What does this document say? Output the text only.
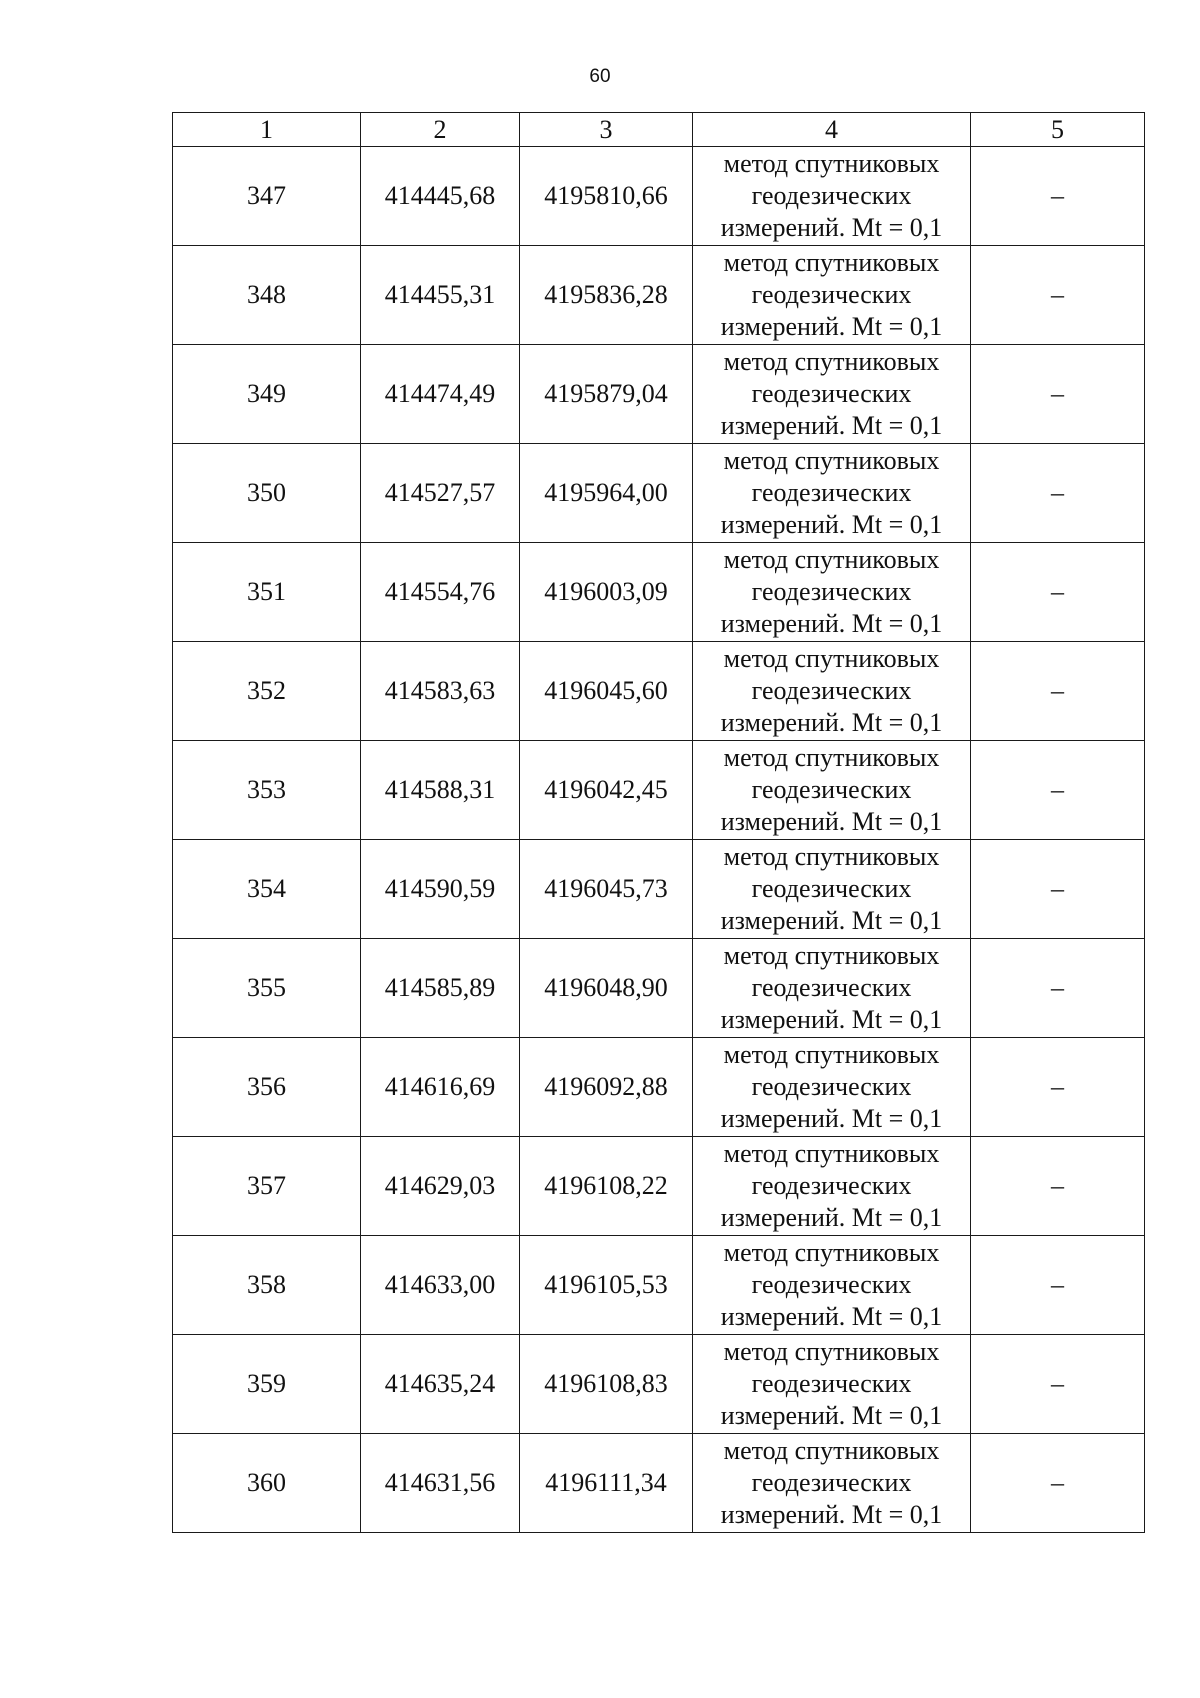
60
1	2	3	4	5
347	414445,68	4195810,66	метод спутниковых
геодезических
измерений. Mt = 0,1	–
348	414455,31	4195836,28	метод спутниковых
геодезических
измерений. Mt = 0,1	–
349	414474,49	4195879,04	метод спутниковых
геодезических
измерений. Mt = 0,1	–
350	414527,57	4195964,00	метод спутниковых
геодезических
измерений. Mt = 0,1	–
351	414554,76	4196003,09	метод спутниковых
геодезических
измерений. Mt = 0,1	–
352	414583,63	4196045,60	метод спутниковых
геодезических
измерений. Mt = 0,1	–
353	414588,31	4196042,45	метод спутниковых
геодезических
измерений. Mt = 0,1	–
354	414590,59	4196045,73	метод спутниковых
геодезических
измерений. Mt = 0,1	–
355	414585,89	4196048,90	метод спутниковых
геодезических
измерений. Mt = 0,1	–
356	414616,69	4196092,88	метод спутниковых
геодезических
измерений. Mt = 0,1	–
357	414629,03	4196108,22	метод спутниковых
геодезических
измерений. Mt = 0,1	–
358	414633,00	4196105,53	метод спутниковых
геодезических
измерений. Mt = 0,1	–
359	414635,24	4196108,83	метод спутниковых
геодезических
измерений. Mt = 0,1	–
360	414631,56	4196111,34	метод спутниковых
геодезических
измерений. Mt = 0,1	–
